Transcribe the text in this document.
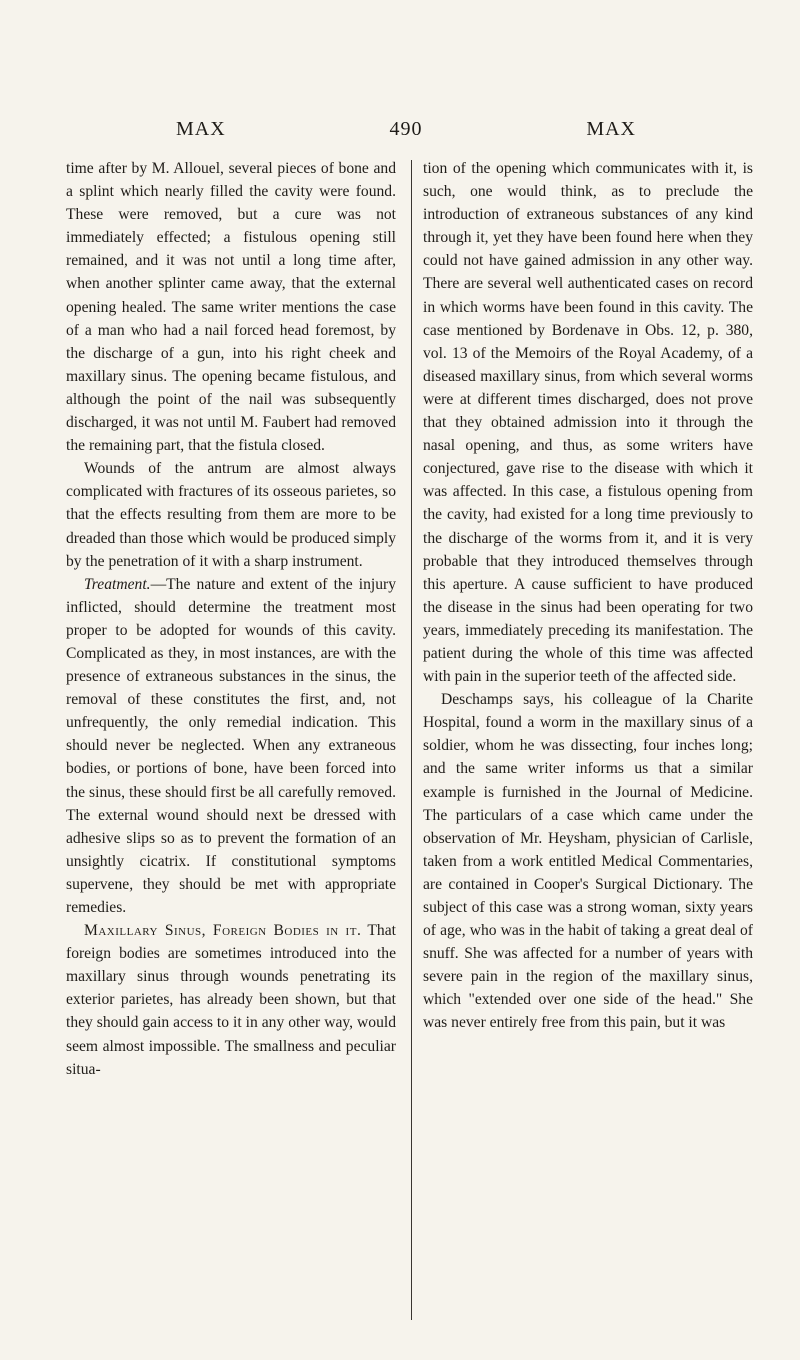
MAX	490	MAX

time after by M. Allouel, several pieces of bone and a splint which nearly filled the cavity were found. These were removed, but a cure was not immediately effected; a fistulous opening still remained, and it was not until a long time after, when another splinter came away, that the external opening healed. The same writer mentions the case of a man who had a nail forced head foremost, by the discharge of a gun, into his right cheek and maxillary sinus. The opening became fistulous, and although the point of the nail was subsequently discharged, it was not until M. Faubert had removed the remaining part, that the fistula closed.

Wounds of the antrum are almost always complicated with fractures of its osseous parietes, so that the effects resulting from them are more to be dreaded than those which would be produced simply by the penetration of it with a sharp instrument.

Treatment.—The nature and extent of the injury inflicted, should determine the treatment most proper to be adopted for wounds of this cavity. Complicated as they, in most instances, are with the presence of extraneous substances in the sinus, the removal of these constitutes the first, and, not unfrequently, the only remedial indication. This should never be neglected. When any extraneous bodies, or portions of bone, have been forced into the sinus, these should first be all carefully removed. The external wound should next be dressed with adhesive slips so as to prevent the formation of an unsightly cicatrix. If constitutional symptoms supervene, they should be met with appropriate remedies.

Maxillary Sinus, Foreign Bodies in it. That foreign bodies are sometimes introduced into the maxillary sinus through wounds penetrating its exterior parietes, has already been shown, but that they should gain access to it in any other way, would seem almost impossible. The smallness and peculiar situa-

tion of the opening which communicates with it, is such, one would think, as to preclude the introduction of extraneous substances of any kind through it, yet they have been found here when they could not have gained admission in any other way. There are several well authenticated cases on record in which worms have been found in this cavity. The case mentioned by Bordenave in Obs. 12, p. 380, vol. 13 of the Memoirs of the Royal Academy, of a diseased maxillary sinus, from which several worms were at different times discharged, does not prove that they obtained admission into it through the nasal opening, and thus, as some writers have conjectured, gave rise to the disease with which it was affected. In this case, a fistulous opening from the cavity, had existed for a long time previously to the discharge of the worms from it, and it is very probable that they introduced themselves through this aperture. A cause sufficient to have produced the disease in the sinus had been operating for two years, immediately preceding its manifestation. The patient during the whole of this time was affected with pain in the superior teeth of the affected side.

Deschamps says, his colleague of la Charite Hospital, found a worm in the maxillary sinus of a soldier, whom he was dissecting, four inches long; and the same writer informs us that a similar example is furnished in the Journal of Medicine. The particulars of a case which came under the observation of Mr. Heysham, physician of Carlisle, taken from a work entitled Medical Commentaries, are contained in Cooper's Surgical Dictionary. The subject of this case was a strong woman, sixty years of age, who was in the habit of taking a great deal of snuff. She was affected for a number of years with severe pain in the region of the maxillary sinus, which "extended over one side of the head." She was never entirely free from this pain, but it was
